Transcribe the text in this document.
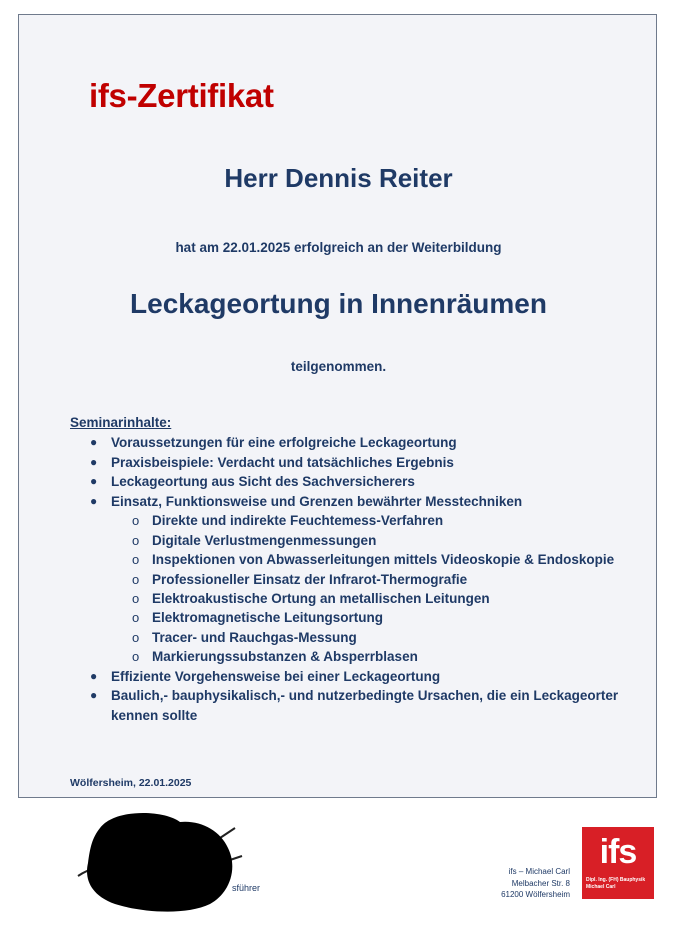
ifs-Zertifikat
Herr Dennis Reiter
hat am 22.01.2025 erfolgreich an der Weiterbildung
Leckageortung in Innenräumen
teilgenommen.
Seminarinhalte:
● Voraussetzungen für eine erfolgreiche Leckageortung
● Praxisbeispiele: Verdacht und tatsächliches Ergebnis
● Leckageortung aus Sicht des Sachversicherers
● Einsatz, Funktionsweise und Grenzen bewährter Messtechniken
o Direkte und indirekte Feuchtemess-Verfahren
o Digitale Verlustmengenmessungen
o Inspektionen von Abwasserleitungen mittels Videoskopie & Endoskopie
o Professioneller Einsatz der Infrarot-Thermografie
o Elektroakustische Ortung an metallischen Leitungen
o Elektromagnetische Leitungsortung
o Tracer- und Rauchgas-Messung
o Markierungssubstanzen & Absperrblasen
● Effiziente Vorgehensweise bei einer Leckageortung
● Baulich,- bauphysikalisch,- und nutzerbedingte Ursachen, die ein Leckageorter kennen sollte
Wölfersheim, 22.01.2025
sführer
ifs – Michael Carl
Melbacher Str. 8
61200 Wölfersheim
ifs
Dipl. Ing. (FH) Bauphysik
Michael Carl
